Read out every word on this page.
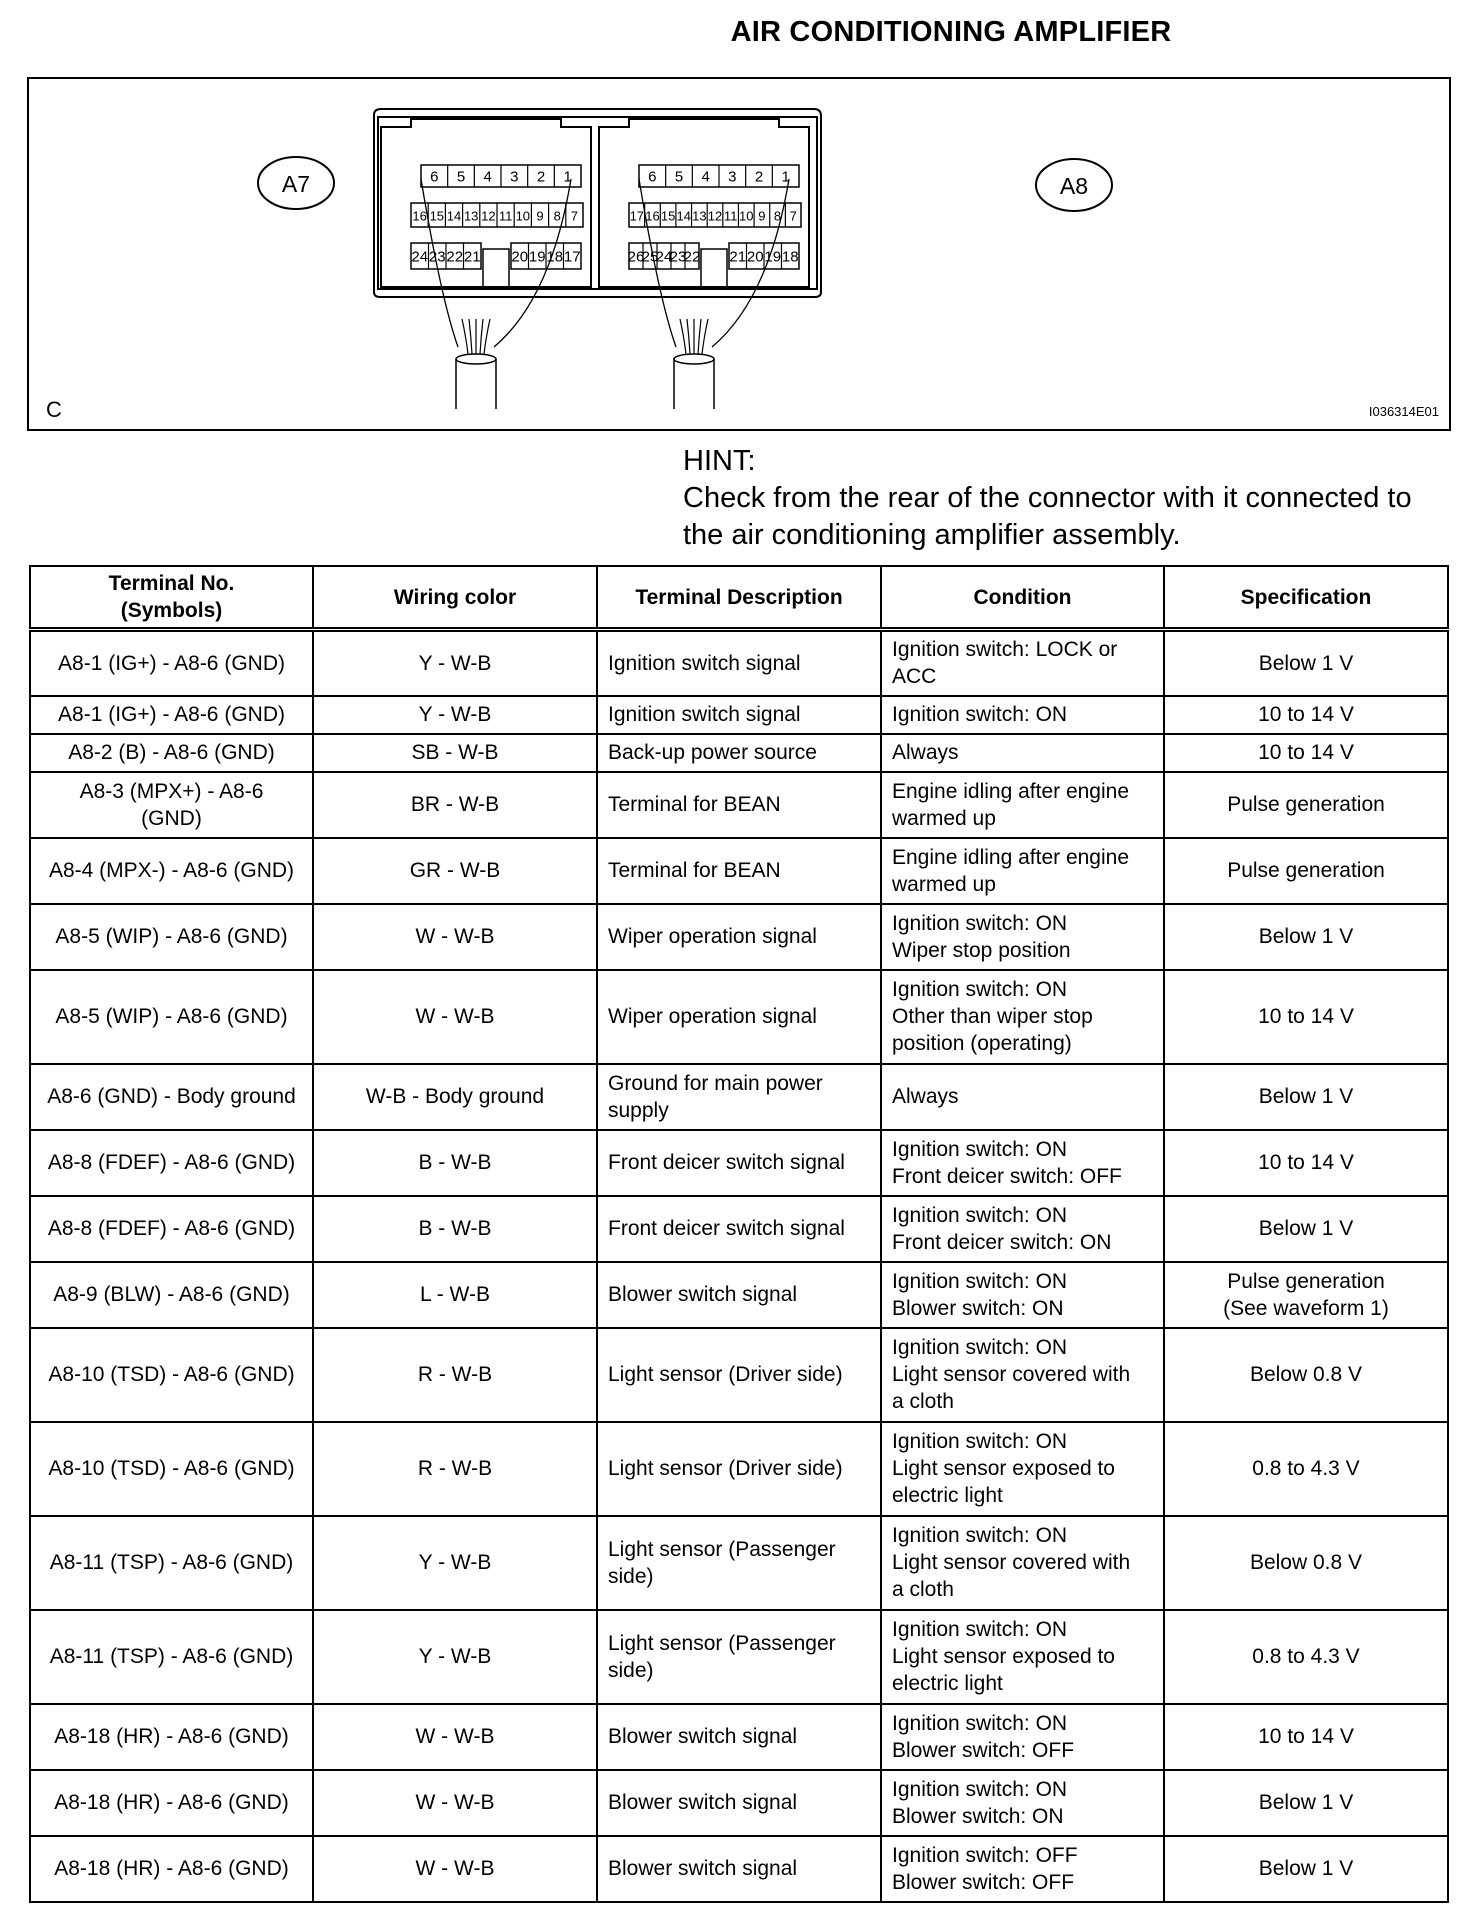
AIR CONDITIONING AMPLIFIER
6 5 4 3 2 1
16 15 14 13 12 11 10 9 8 7
24 23 22 21 20 19 18 17
6 5 4 3 2 1
17 16 15 14 13 12 11 10 9 8 7
26
25
24
23
22 21 20 19 18
A7	A8
C	I036314E01
HINT:
Check from the rear of the connector with it connected to
the air conditioning amplifier assembly.
Terminal No.
(Symbols)	Wiring color	Terminal Description	Condition	Specification
A8-1 (IG+) - A8-6 (GND)	Y - W-B	Ignition switch signal	Ignition switch: LOCK or
ACC	Below 1 V
A8-1 (IG+) - A8-6 (GND)	Y - W-B	Ignition switch signal	Ignition switch: ON	10 to 14 V
A8-2 (B) - A8-6 (GND)	SB - W-B	Back-up power source	Always	10 to 14 V
A8-3 (MPX+) - A8-6
(GND)	BR - W-B	Terminal for BEAN	Engine idling after engine
warmed up	Pulse generation
A8-4 (MPX-) - A8-6 (GND)	GR - W-B	Terminal for BEAN	Engine idling after engine
warmed up	Pulse generation
A8-5 (WIP) - A8-6 (GND)	W - W-B	Wiper operation signal	Ignition switch: ON
Wiper stop position	Below 1 V
A8-5 (WIP) - A8-6 (GND)	W - W-B	Wiper operation signal	Ignition switch: ON
Other than wiper stop
position (operating)	10 to 14 V
A8-6 (GND) - Body ground	W-B - Body ground	Ground for main power
supply	Always	Below 1 V
A8-8 (FDEF) - A8-6 (GND)	B - W-B	Front deicer switch signal	Ignition switch: ON
Front deicer switch: OFF	10 to 14 V
A8-8 (FDEF) - A8-6 (GND)	B - W-B	Front deicer switch signal	Ignition switch: ON
Front deicer switch: ON	Below 1 V
A8-9 (BLW) - A8-6 (GND)	L - W-B	Blower switch signal	Ignition switch: ON
Blower switch: ON	Pulse generation
(See waveform 1)
A8-10 (TSD) - A8-6 (GND)	R - W-B	Light sensor (Driver side)	Ignition switch: ON
Light sensor covered with
a cloth	Below 0.8 V
A8-10 (TSD) - A8-6 (GND)	R - W-B	Light sensor (Driver side)	Ignition switch: ON
Light sensor exposed to
electric light	0.8 to 4.3 V
A8-11 (TSP) - A8-6 (GND)	Y - W-B	Light sensor (Passenger
side)	Ignition switch: ON
Light sensor covered with
a cloth	Below 0.8 V
A8-11 (TSP) - A8-6 (GND)	Y - W-B	Light sensor (Passenger
side)	Ignition switch: ON
Light sensor exposed to
electric light	0.8 to 4.3 V
A8-18 (HR) - A8-6 (GND)	W - W-B	Blower switch signal	Ignition switch: ON
Blower switch: OFF	10 to 14 V
A8-18 (HR) - A8-6 (GND)	W - W-B	Blower switch signal	Ignition switch: ON
Blower switch: ON	Below 1 V
A8-18 (HR) - A8-6 (GND)	W - W-B	Blower switch signal	Ignition switch: OFF
Blower switch: OFF	Below 1 V
